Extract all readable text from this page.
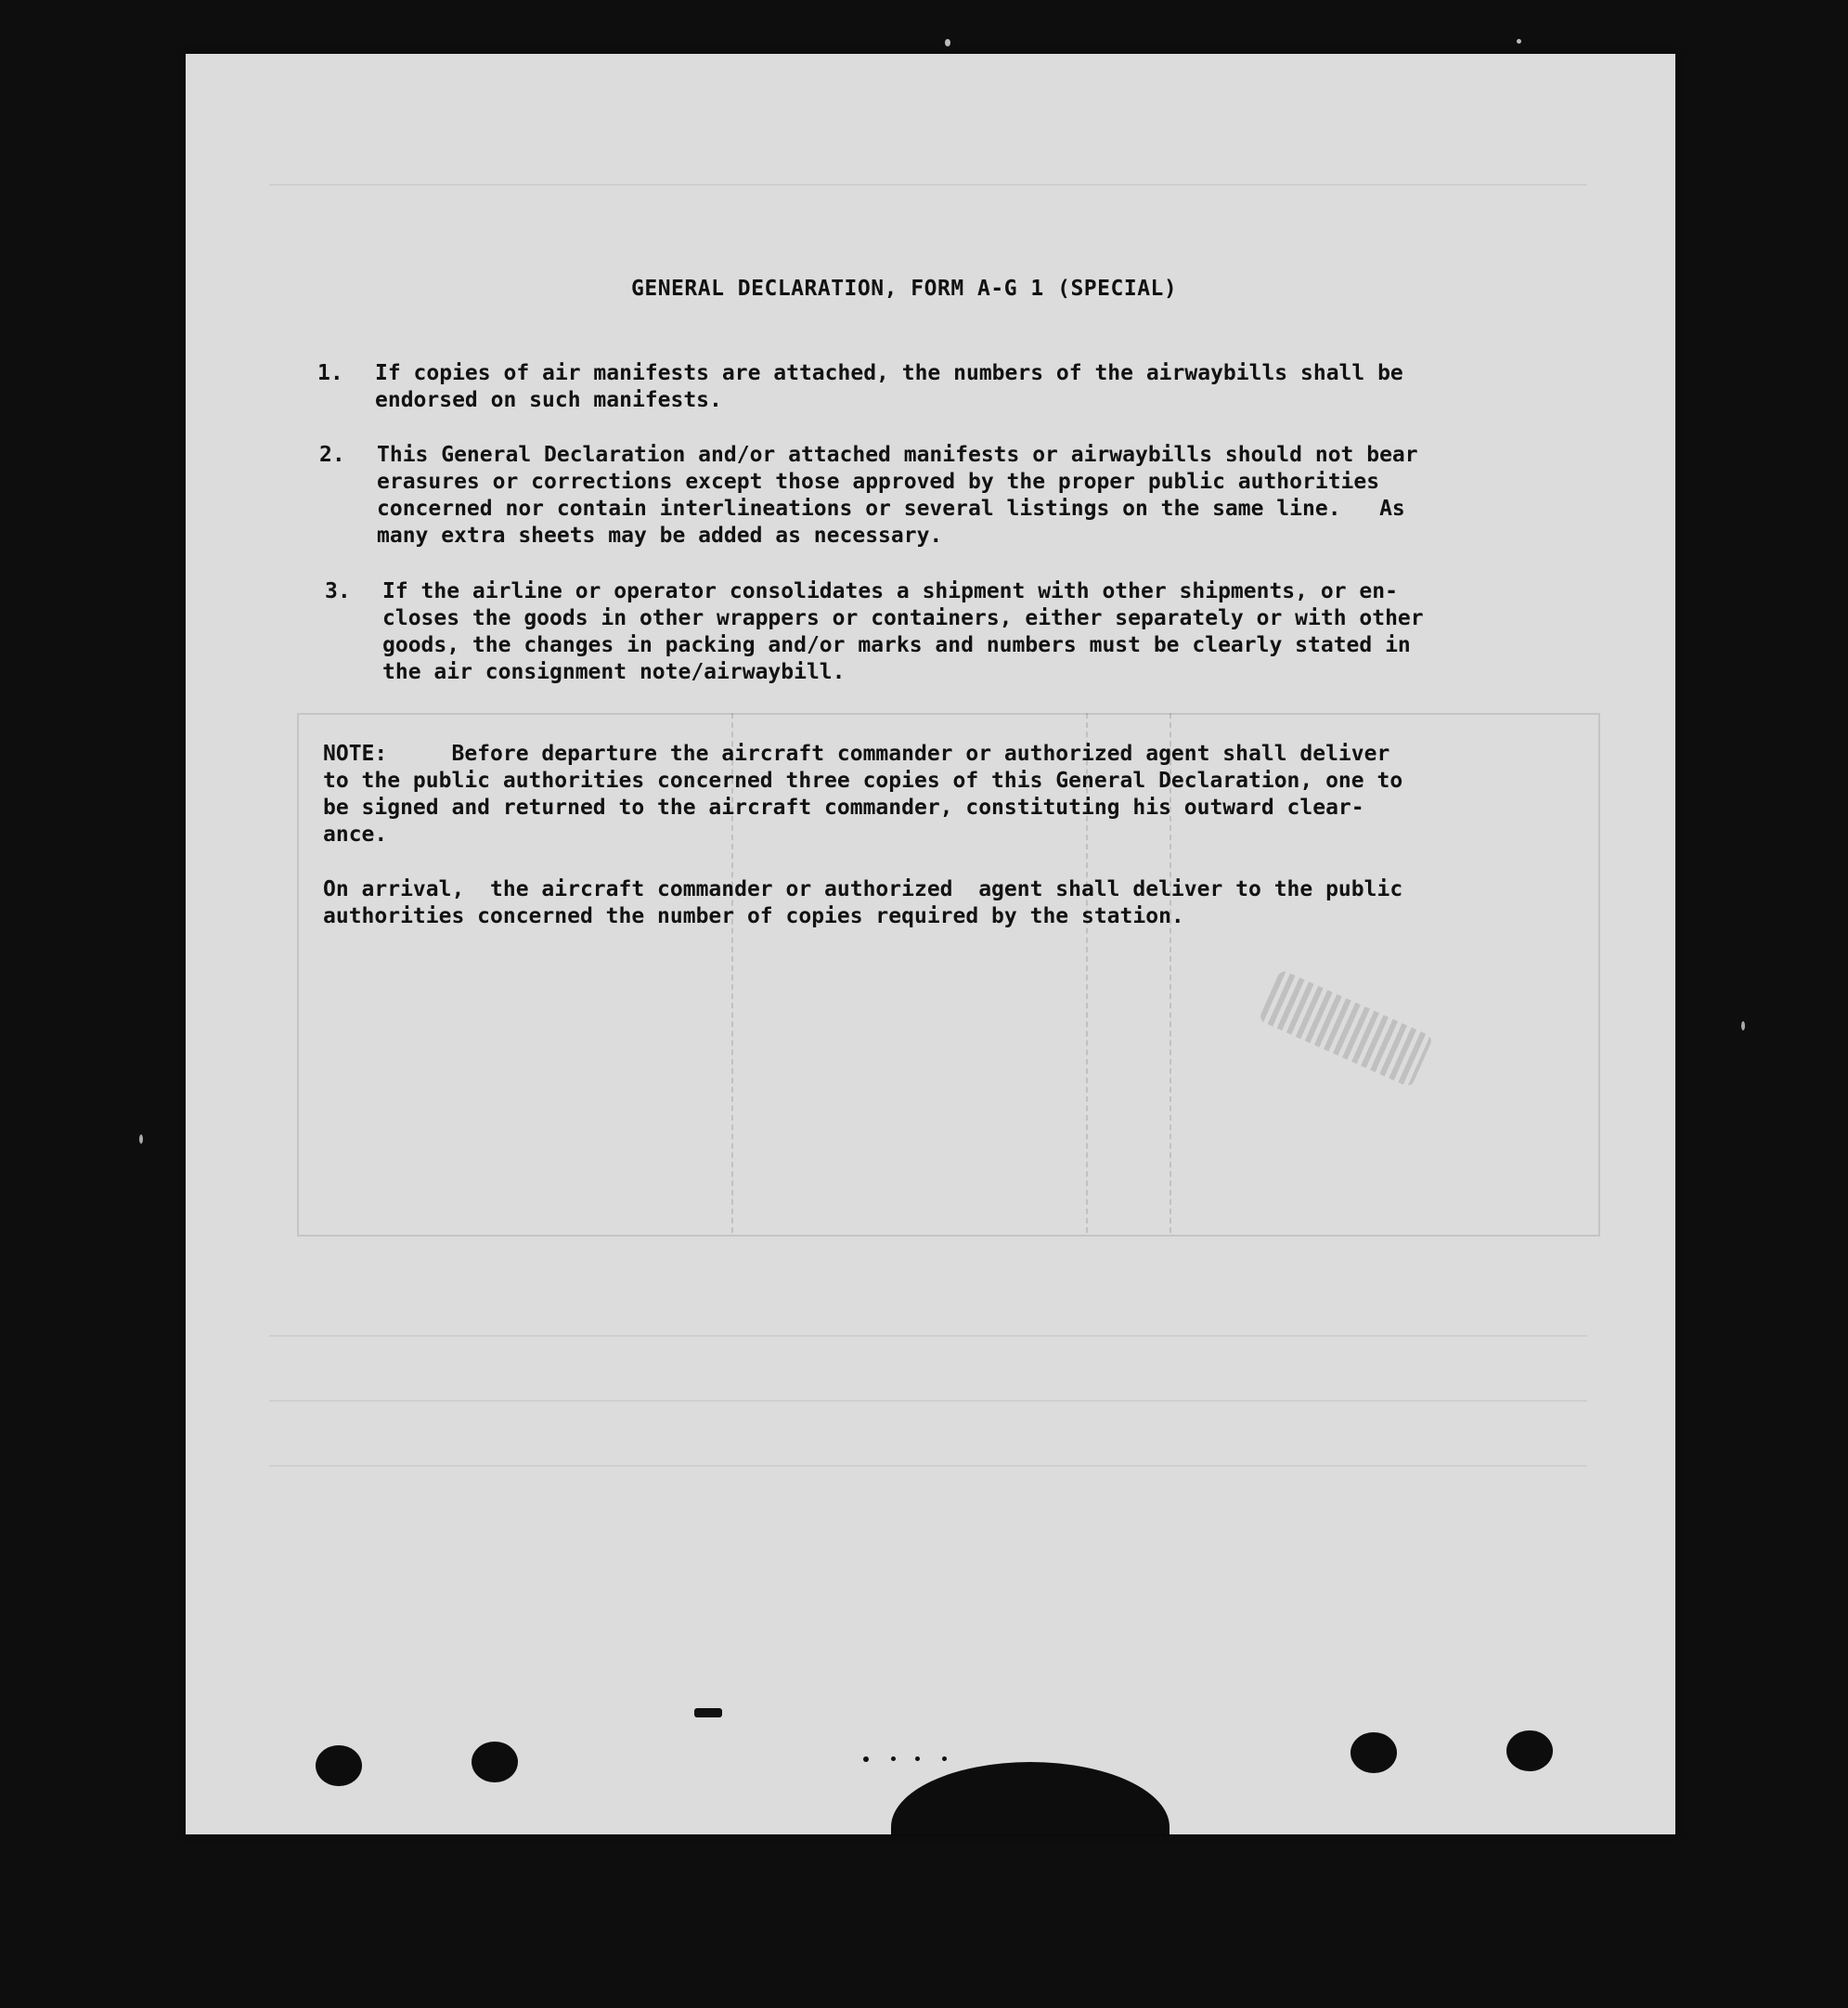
GENERAL DECLARATION, FORM A-G 1 (SPECIAL)

1.

If copies of air manifests are attached, the numbers of the airwaybills shall be
endorsed on such manifests.

2.

This General Declaration and/or attached manifests or airwaybills should not bear
erasures or corrections except those approved by the proper public authorities
concerned nor contain interlineations or several listings on the same line.   As
many extra sheets may be added as necessary.

3.

If the airline or operator consolidates a shipment with other shipments, or en-
closes the goods in other wrappers or containers, either separately or with other
goods, the changes in packing and/or marks and numbers must be clearly stated in
the air consignment note/airwaybill.

NOTE:     Before departure the aircraft commander or authorized agent shall deliver
to the public authorities concerned three copies of this General Declaration, one to
be signed and returned to the aircraft commander, constituting his outward clear-
ance.
On arrival,  the aircraft commander or authorized  agent shall deliver to the public
authorities concerned the number of copies required by the station.
